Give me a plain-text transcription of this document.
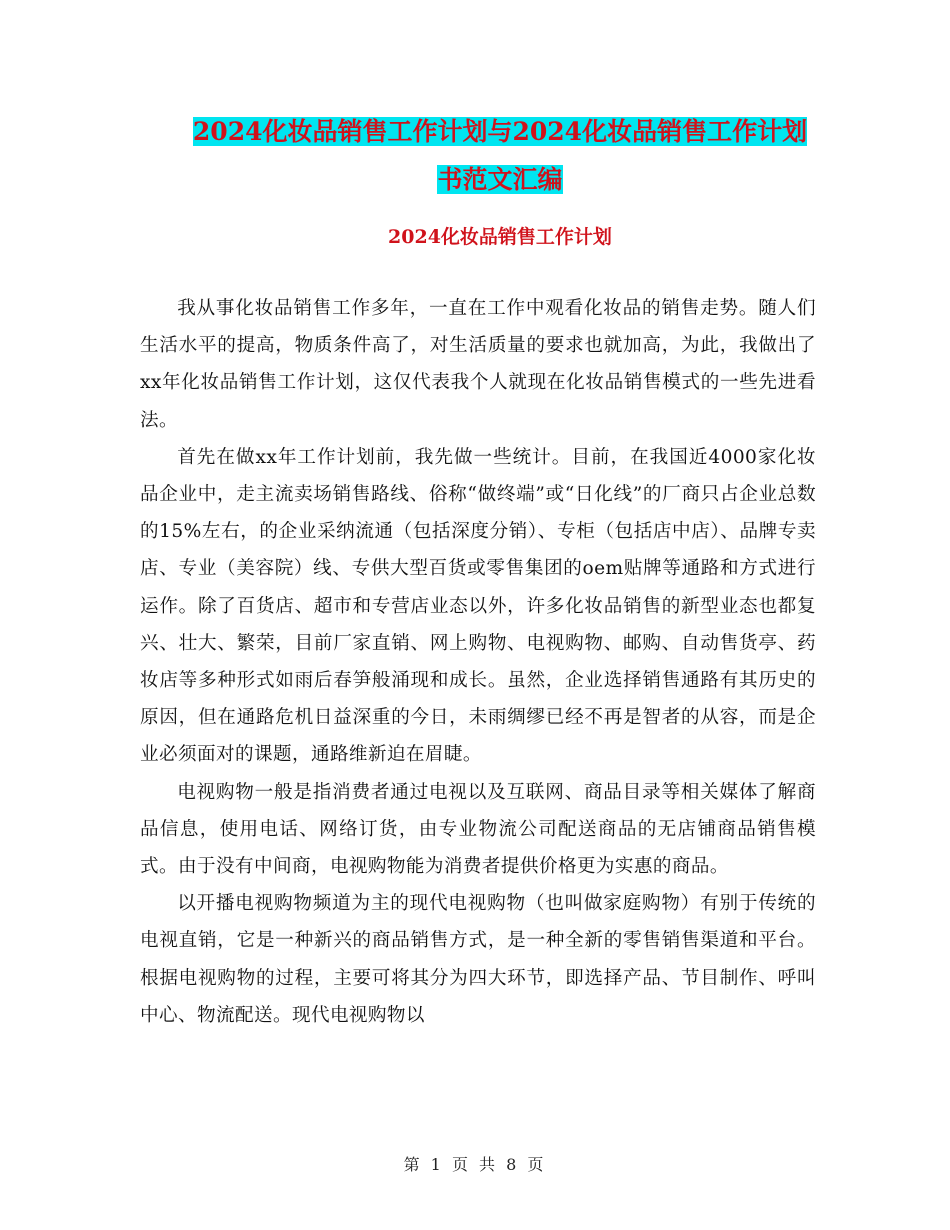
2024化妆品销售工作计划与2024化妆品销售工作计划
书范文汇编
2024化妆品销售工作计划

我从事化妆品销售工作多年，一直在工作中观看化妆品的销售走势。随人们生活水平的提高，物质条件高了，对生活质量的要求也就加高，为此，我做出了xx年化妆品销售工作计划，这仅代表我个人就现在化妆品销售模式的一些先进看法。

首先在做xx年工作计划前，我先做一些统计。目前，在我国近4000家化妆品企业中，走主流卖场销售路线、俗称“做终端”或“日化线”的厂商只占企业总数的15%左右，的企业采纳流通（包括深度分销）、专柜（包括店中店）、品牌专卖店、专业（美容院）线、专供大型百货或零售集团的oem贴牌等通路和方式进行运作。除了百货店、超市和专营店业态以外，许多化妆品销售的新型业态也都复兴、壮大、繁荣，目前厂家直销、网上购物、电视购物、邮购、自动售货亭、药妆店等多种形式如雨后春笋般涌现和成长。虽然，企业选择销售通路有其历史的原因，但在通路危机日益深重的今日，未雨绸缪已经不再是智者的从容，而是企业必须面对的课题，通路维新迫在眉睫。

电视购物一般是指消费者通过电视以及互联网、商品目录等相关媒体了解商品信息，使用电话、网络订货，由专业物流公司配送商品的无店铺商品销售模式。由于没有中间商，电视购物能为消费者提供价格更为实惠的商品。

以开播电视购物频道为主的现代电视购物（也叫做家庭购物）有别于传统的电视直销，它是一种新兴的商品销售方式，是一种全新的零售销售渠道和平台。根据电视购物的过程，主要可将其分为四大环节，即选择产品、节目制作、呼叫中心、物流配送。现代电视购物以

第 1 页 共 8 页
